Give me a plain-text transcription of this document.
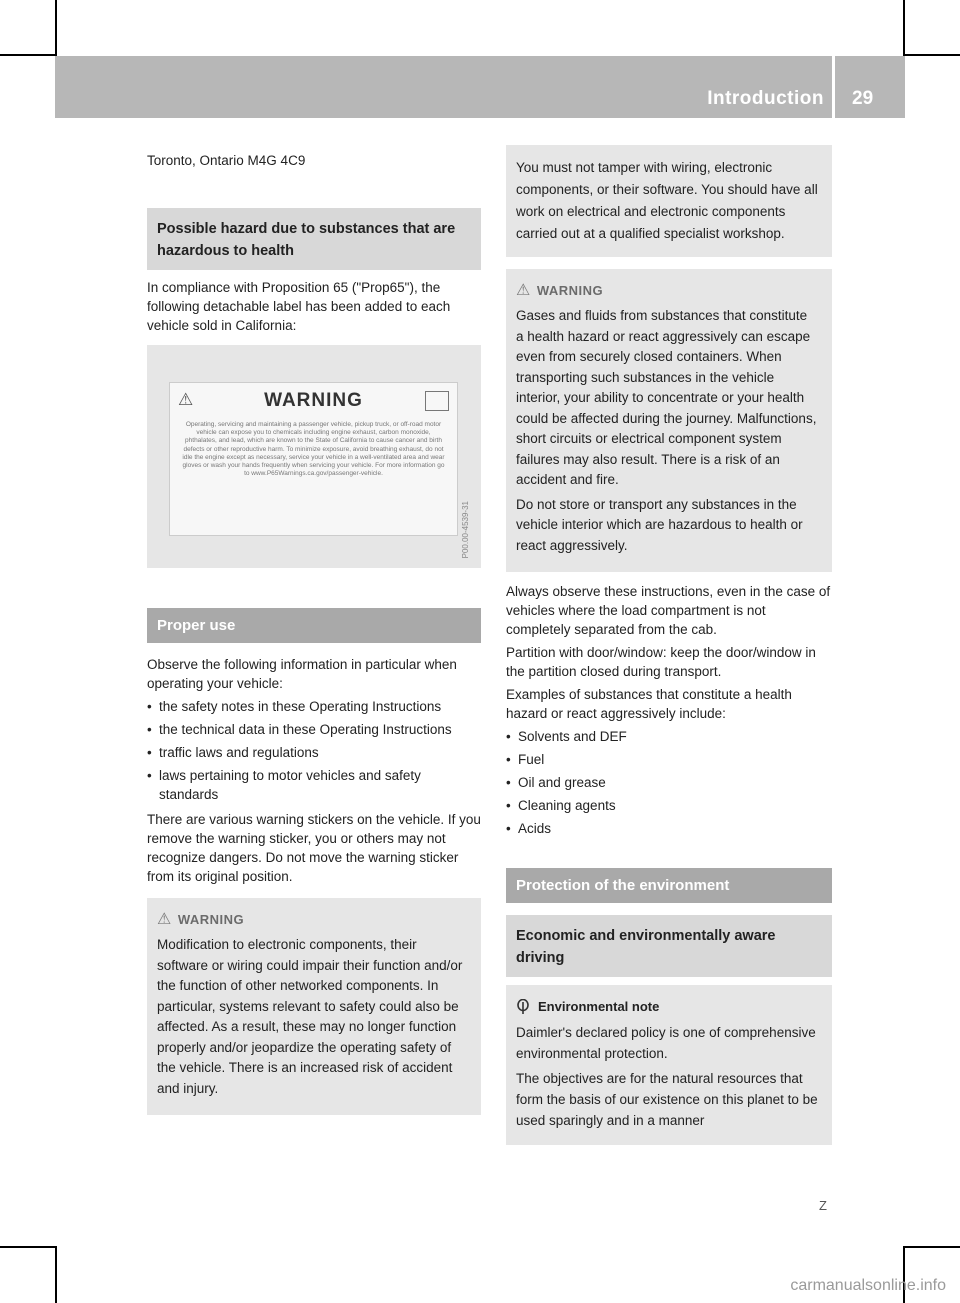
Introduction 29

Toronto, Ontario M4G 4C9

Possible hazard due to substances that are hazardous to health

In compliance with Proposition 65 ("Prop65"), the following detachable label has been added to each vehicle sold in California:

⚠	WARNING
Operating, servicing and maintaining a passenger vehicle, pickup truck, or off-road motor vehicle can expose you to chemicals including engine exhaust, carbon monoxide, phthalates, and lead, which are known to the State of California to cause cancer and birth defects or other reproductive harm. To minimize exposure, avoid breathing exhaust, do not idle the engine except as necessary, service your vehicle in a well-ventilated area and wear gloves or wash your hands frequently when servicing your vehicle. For more information go to www.P65Warnings.ca.gov/passenger-vehicle.
P00.00-4539-31
Proper use

Observe the following information in particular when operating your vehicle:

• the safety notes in these Operating Instructions
• the technical data in these Operating Instructions
• traffic laws and regulations
• laws pertaining to motor vehicles and safety standards

There are various warning stickers on the vehicle. If you remove the warning sticker, you or others may not recognize dangers. Do not move the warning sticker from its original position.

⚠ WARNING

Modification to electronic components, their software or wiring could impair their function and/or the function of other networked components. In particular, systems relevant to safety could also be affected. As a result, these may no longer function properly and/or jeopardize the operating safety of the vehicle. There is an increased risk of accident and injury.

You must not tamper with wiring, electronic components, or their software. You should have all work on electrical and electronic components carried out at a qualified specialist workshop.

⚠ WARNING

Gases and fluids from substances that constitute a health hazard or react aggressively can escape even from securely closed containers. When transporting such substances in the vehicle interior, your ability to concentrate or your health could be affected during the journey. Malfunctions, short circuits or electrical component system failures may also result. There is a risk of an accident and fire.

Do not store or transport any substances in the vehicle interior which are hazardous to health or react aggressively.

Always observe these instructions, even in the case of vehicles where the load compartment is not completely separated from the cab.

Partition with door/window: keep the door/window in the partition closed during transport.

Examples of substances that constitute a health hazard or react aggressively include:

• Solvents and DEF
• Fuel
• Oil and grease
• Cleaning agents
• Acids
Protection of the environment
Economic and environmentally aware driving
Environmental note

Daimler's declared policy is one of comprehensive environmental protection.

The objectives are for the natural resources that form the basis of our existence on this planet to be used sparingly and in a manner

Z
carmanualsonline.info
